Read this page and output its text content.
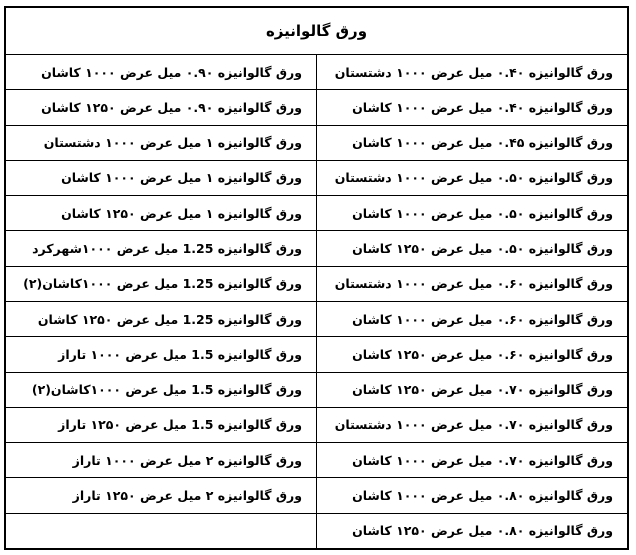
ورق گالوانیزه	
ورق گالوانیزه ۰.۴۰ میل عرض ۱۰۰۰ دشتستان	ورق گالوانیزه ۰.۹۰ میل عرض ۱۰۰۰ کاشان
ورق گالوانیزه ۰.۴۰ میل عرض ۱۰۰۰ کاشان	ورق گالوانیزه ۰.۹۰ میل عرض ۱۲۵۰ کاشان
ورق گالوانیزه ۰.۴۵ میل عرض ۱۰۰۰ کاشان	ورق گالوانیزه ۱ میل عرض ۱۰۰۰ دشتستان
ورق گالوانیزه ۰.۵۰ میل عرض ۱۰۰۰ دشتستان	ورق گالوانیزه ۱ میل عرض ۱۰۰۰ کاشان
ورق گالوانیزه ۰.۵۰ میل عرض ۱۰۰۰ کاشان	ورق گالوانیزه ۱ میل عرض ۱۲۵۰ کاشان
ورق گالوانیزه ۰.۵۰ میل عرض ۱۲۵۰ کاشان	ورق گالوانیزه 1.25 میل عرض ۱۰۰۰شهرکرد
ورق گالوانیزه ۰.۶۰ میل عرض ۱۰۰۰ دشتستان	ورق گالوانیزه 1.25 میل عرض ۱۰۰۰کاشان(۲)
ورق گالوانیزه ۰.۶۰ میل عرض ۱۰۰۰ کاشان	ورق گالوانیزه 1.25 میل عرض ۱۲۵۰ کاشان
ورق گالوانیزه ۰.۶۰ میل عرض ۱۲۵۰ کاشان	ورق گالوانیزه 1.5 میل عرض ۱۰۰۰ تاراز
ورق گالوانیزه ۰.۷۰ میل عرض ۱۲۵۰ کاشان	ورق گالوانیزه 1.5 میل عرض ۱۰۰۰کاشان(۲)
ورق گالوانیزه ۰.۷۰ میل عرض ۱۰۰۰ دشتستان	ورق گالوانیزه 1.5 میل عرض ۱۲۵۰ تاراز
ورق گالوانیزه ۰.۷۰ میل عرض ۱۰۰۰ کاشان	ورق گالوانیزه ۲ میل عرض ۱۰۰۰ تاراز
ورق گالوانیزه ۰.۸۰ میل عرض ۱۰۰۰ کاشان	ورق گالوانیزه ۲ میل عرض ۱۲۵۰ تاراز
ورق گالوانیزه ۰.۸۰ میل عرض ۱۲۵۰ کاشان	
